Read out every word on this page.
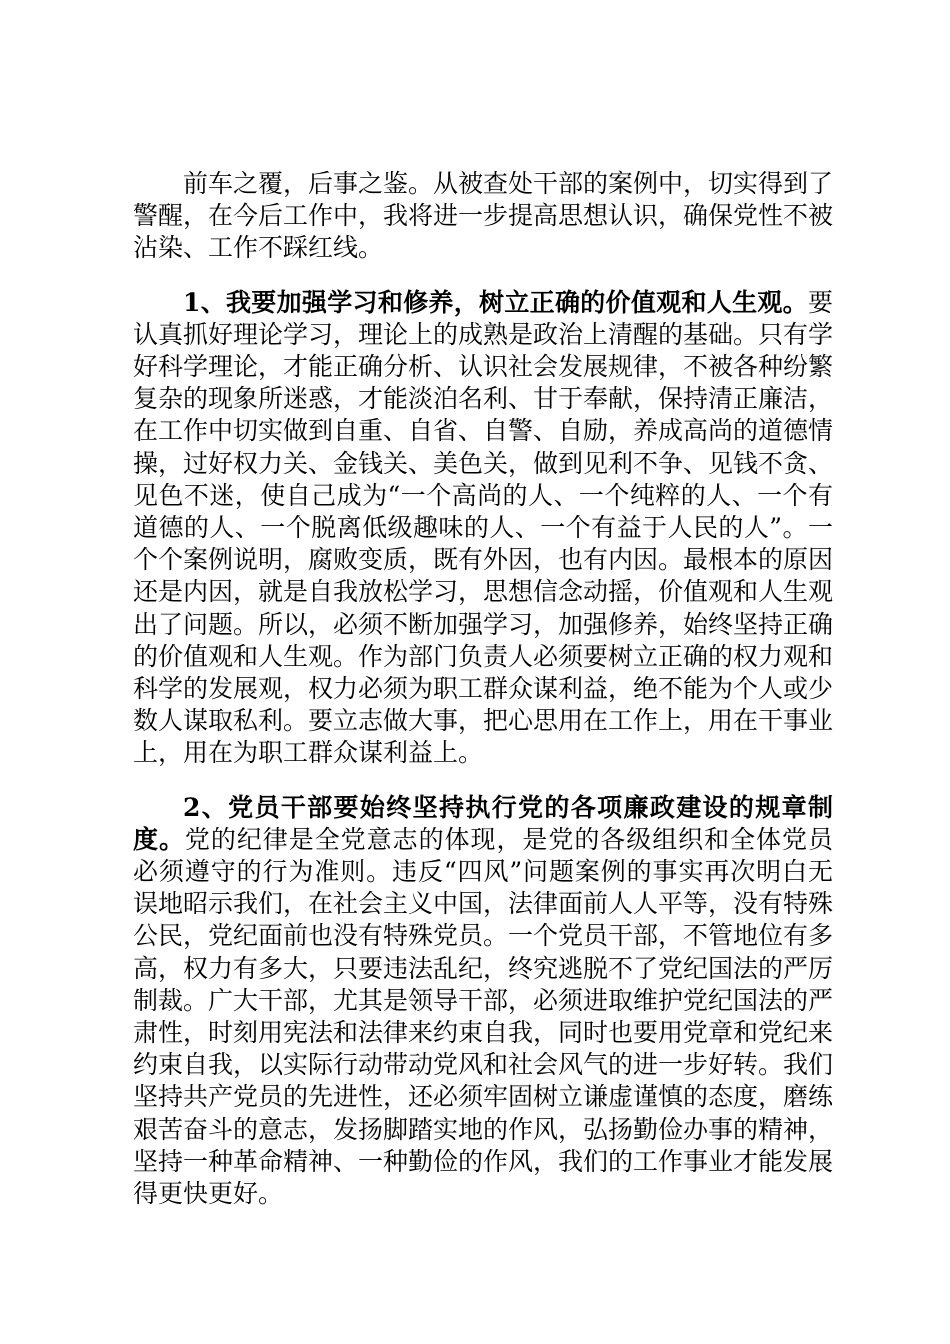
前车之覆，后事之鉴。从被查处干部的案例中，切实得到了警醒，在今后工作中，我将进一步提高思想认识，确保党性不被沾染、工作不踩红线。

1、我要加强学习和修养，树立正确的价值观和人生观。要认真抓好理论学习，理论上的成熟是政治上清醒的基础。只有学好科学理论，才能正确分析、认识社会发展规律，不被各种纷繁复杂的现象所迷惑，才能淡泊名利、甘于奉献，保持清正廉洁，在工作中切实做到自重、自省、自警、自励，养成高尚的道德情操，过好权力关、金钱关、美色关，做到见利不争、见钱不贪、见色不迷，使自己成为“一个高尚的人、一个纯粹的人、一个有道德的人、一个脱离低级趣味的人、一个有益于人民的人”。一个个案例说明，腐败变质，既有外因，也有内因。最根本的原因还是内因，就是自我放松学习，思想信念动摇，价值观和人生观出了问题。所以，必须不断加强学习，加强修养，始终坚持正确的价值观和人生观。作为部门负责人必须要树立正确的权力观和科学的发展观，权力必须为职工群众谋利益，绝不能为个人或少数人谋取私利。要立志做大事，把心思用在工作上，用在干事业上，用在为职工群众谋利益上。

2、党员干部要始终坚持执行党的各项廉政建设的规章制度。党的纪律是全党意志的体现，是党的各级组织和全体党员必须遵守的行为准则。违反“四风”问题案例的事实再次明白无误地昭示我们，在社会主义中国，法律面前人人平等，没有特殊公民，党纪面前也没有特殊党员。一个党员干部，不管地位有多高，权力有多大，只要违法乱纪，终究逃脱不了党纪国法的严厉制裁。广大干部，尤其是领导干部，必须进取维护党纪国法的严肃性，时刻用宪法和法律来约束自我，同时也要用党章和党纪来约束自我，以实际行动带动党风和社会风气的进一步好转。我们坚持共产党员的先进性，还必须牢固树立谦虚谨慎的态度，磨练艰苦奋斗的意志，发扬脚踏实地的作风，弘扬勤俭办事的精神，坚持一种革命精神、一种勤俭的作风，我们的工作事业才能发展得更快更好。
